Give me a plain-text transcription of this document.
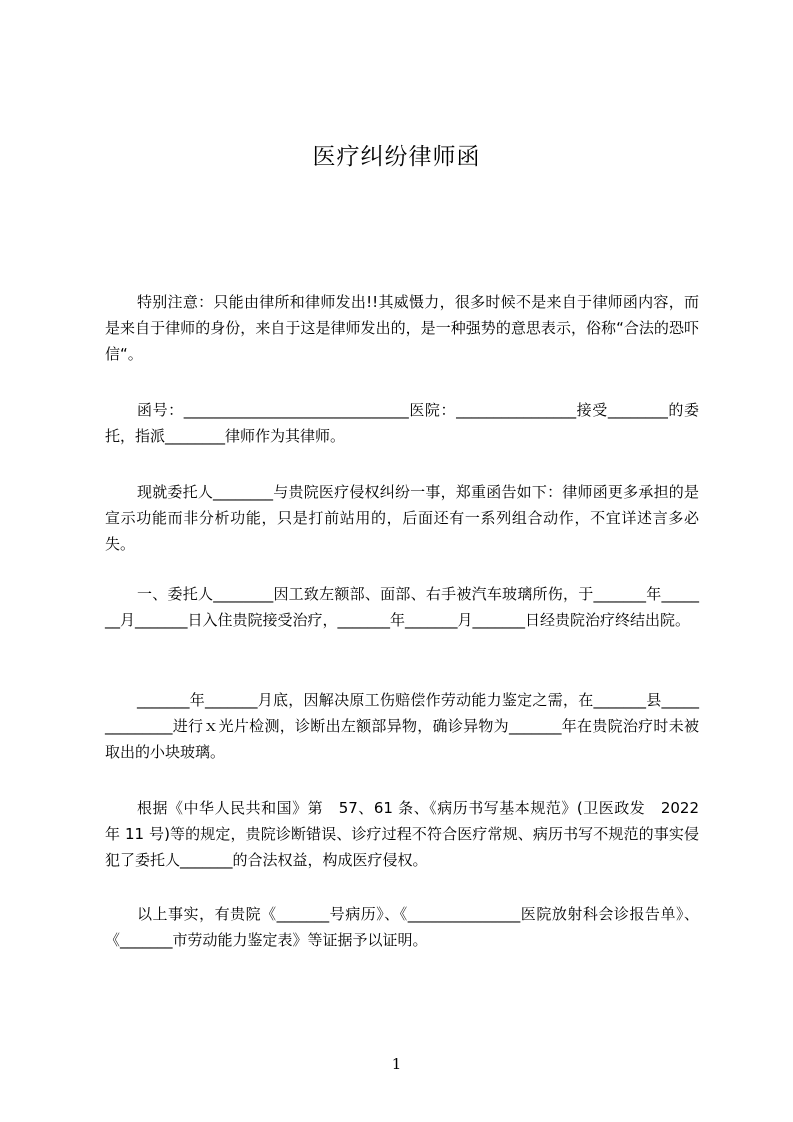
医疗纠纷律师函

特别注意：只能由律所和律师发出!!其威慑力，很多时候不是来自于律师函内容，而是来自于律师的身份，来自于这是律师发出的，是一种强势的意思表示，俗称“合法的恐吓信“。

函号：______________________________医院：________________接受________的委托，指派________律师作为其律师。

现就委托人________与贵院医疗侵权纠纷一事，郑重函告如下：律师函更多承担的是宣示功能而非分析功能，只是打前站用的，后面还有一系列组合动作，不宜详述言多必失。

一、委托人________因工致左额部、面部、右手被汽车玻璃所伤，于_______年_______月_______日入住贵院接受治疗，_______年_______月_______日经贵院治疗终结出院。

_______年_______月底，因解决原工伤赔偿作劳动能力鉴定之需，在_______县______________进行ｘ光片检测，诊断出左额部异物，确诊异物为_______年在贵院治疗时未被取出的小块玻璃。

根据《中华人民共和国》第　57、61 条、《病历书写基本规范》(卫医政发　2022 年 11 号)等的规定，贵院诊断错误、诊疗过程不符合医疗常规、病历书写不规范的事实侵犯了委托人_______的合法权益，构成医疗侵权。

以上事实，有贵院《_______号病历》、《_______________医院放射科会诊报告单》、《_______市劳动能力鉴定表》等证据予以证明。

1
